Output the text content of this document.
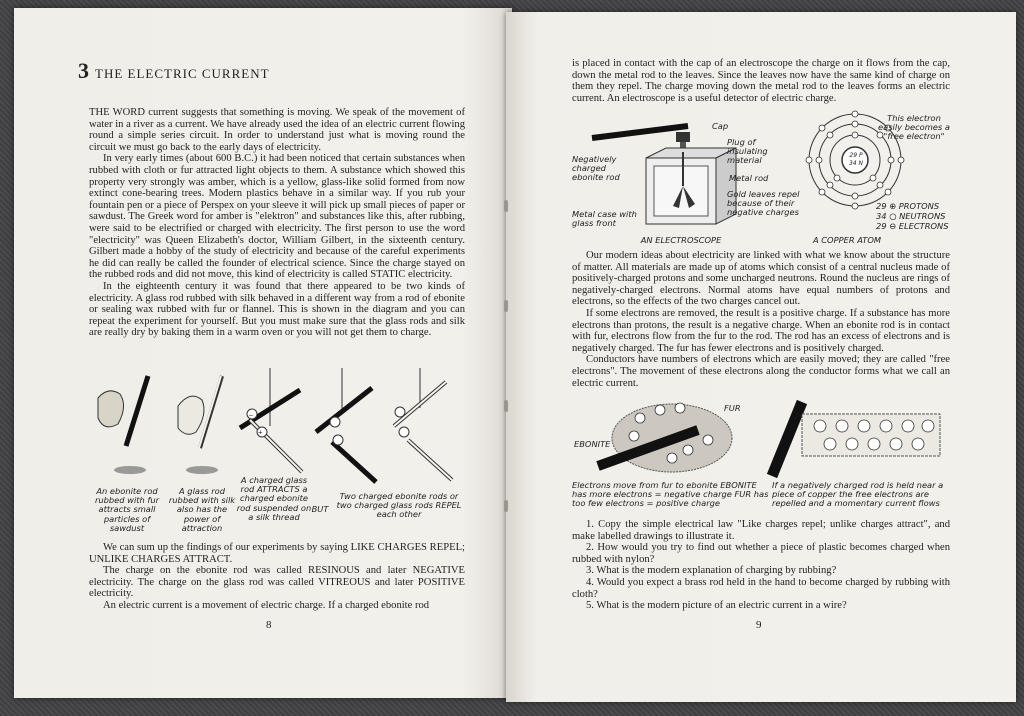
3 THE ELECTRIC CURRENT

THE WORD current suggests that something is moving. We speak of the movement of water in a river as a current. We have already used the idea of an electric current flowing round a simple series circuit. In order to understand just what is moving round the circuit we must go back to the early days of electricity.

In very early times (about 600 B.C.) it had been noticed that certain substances when rubbed with cloth or fur attracted light objects to them. A substance which showed this property very strongly was amber, which is a yellow, glass-like solid formed from now extinct cone-bearing trees. Modern plastics behave in a similar way. If you rub your fountain pen or a piece of Perspex on your sleeve it will pick up small pieces of paper or sawdust. The Greek word for amber is "elektron" and substances like this, after rubbing, were said to be electrified or charged with electricity. The first person to use the word "electricity" was Queen Elizabeth's doctor, William Gilbert, in the sixteenth century. Gilbert made a hobby of the study of electricity and because of the careful experiments he did can really be called the founder of electrical science. Since the charge stayed on the rubbed rods and did not move, this kind of electricity is called STATIC electricity.

In the eighteenth century it was found that there appeared to be two kinds of electricity. A glass rod rubbed with silk behaved in a different way from a rod of ebonite or sealing wax rubbed with fur or flannel. This is shown in the diagram and you can repeat the experiment for yourself. But you must make sure that the glass rods and silk are really dry by baking them in a warm oven or you will not get them to charge.

–
+
An ebonite rod rubbed with fur attracts small particles of sawdust
A glass rod rubbed with silk also has the power of attraction
A charged glass rod ATTRACTS a charged ebonite rod suspended on a silk thread
BUT
Two charged ebonite rods or two charged glass rods REPEL each other

We can sum up the findings of our experiments by saying LIKE CHARGES REPEL; UNLIKE CHARGES ATTRACT.

The charge on the ebonite rod was called RESINOUS and later NEGATIVE electricity. The charge on the glass rod was called VITREOUS and later POSITIVE electricity.

An electric current is a movement of electric charge. If a charged ebonite rod

8

is placed in contact with the cap of an electroscope the charge on it flows from the cap, down the metal rod to the leaves. Since the leaves now have the same kind of charge on them they repel. The charge moving down the metal rod to the leaves forms an electric current. An electroscope is a useful detector of electric charge.

Cap
Plug of insulating material
Negatively charged ebonite rod	Metal rod
Gold leaves repel because of their negative charges
Metal case with glass front
AN ELECTROSCOPE
This electron easily becomes a "free electron"
29 P
34 N
29 ⊕ PROTONS
34 ○ NEUTRONS
29 ⊖ ELECTRONS
A COPPER ATOM

Our modern ideas about electricity are linked with what we know about the structure of matter. All materials are made up of atoms which consist of a central nucleus made of positively-charged protons and some uncharged neutrons. Round the nucleus are rings of negatively-charged electrons. Normal atoms have equal numbers of protons and electrons, so the effects of the two charges cancel out.

If some electrons are removed, the result is a positive charge. If a substance has more electrons than protons, the result is a negative charge. When an ebonite rod is in contact with fur, electrons flow from the fur to the rod. The rod has an excess of electrons and is negatively charged. The fur has fewer electrons and is positively charged.

Conductors have numbers of electrons which are easily moved; they are called "free electrons". The movement of these electrons along the conductor forms what we call an electric current.

FUR
EBONITE
Electrons move from fur to ebonite EBONITE has more electrons = negative charge FUR has too few electrons = positive charge
If a negatively charged rod is held near a piece of copper the free electrons are repelled and a momentary current flows

1. Copy the simple electrical law "Like charges repel; unlike charges attract", and make labelled drawings to illustrate it.

2. How would you try to find out whether a piece of plastic becomes charged when rubbed with nylon?

3. What is the modern explanation of charging by rubbing?

4. Would you expect a brass rod held in the hand to become charged by rubbing with cloth?

5. What is the modern picture of an electric current in a wire?

9
